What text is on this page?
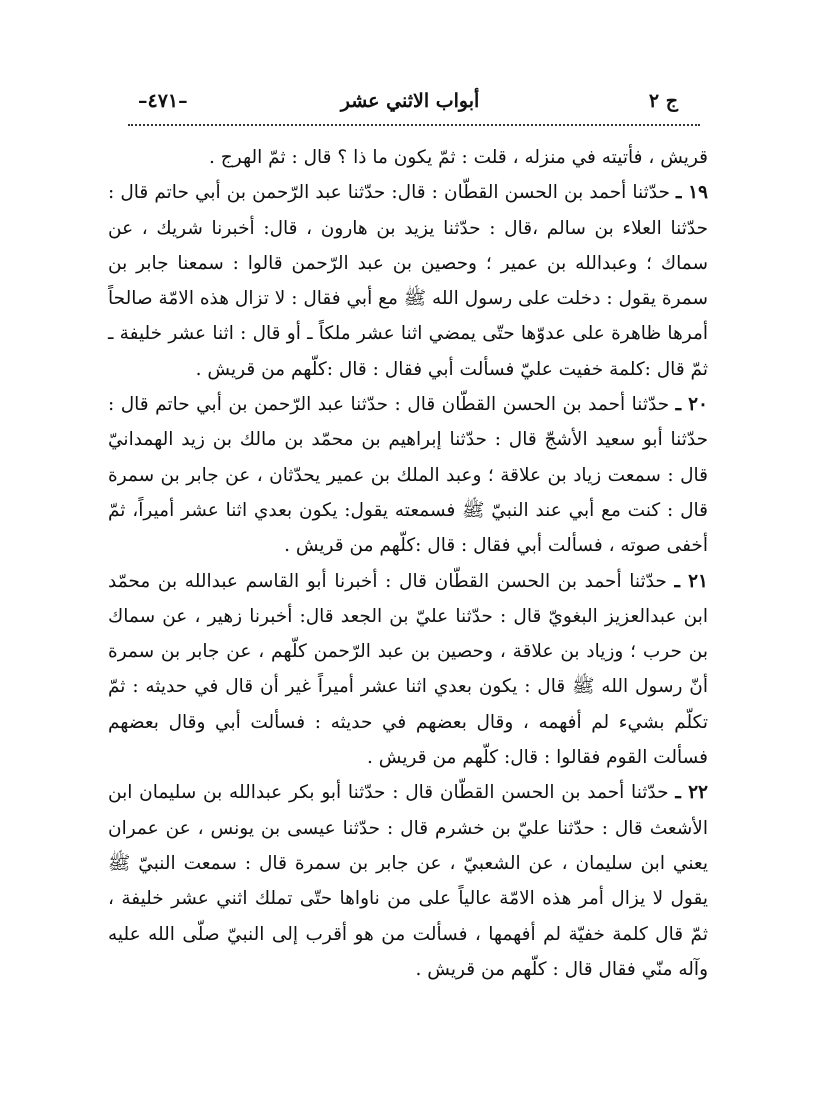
ج ٢
أبواب الاثني عشر
–٤٧١–

قريش ، فأتيته في منزله ، قلت : ثمّ يكون ما ذا ؟ قال : ثمّ الهرج .

١٩ ـ حدّثنا أحمد بن الحسن القطّان : قال: حدّثنا عبد الرّحمن بن أبي حاتم قال : حدّثنا العلاء بن سالم ،قال : حدّثنا يزيد بن هارون ، قال: أخبرنا شريك ، عن سماك ؛ وعبدالله بن عمير ؛ وحصين بن عبد الرّحمن قالوا : سمعنا جابر بن سمرة يقول : دخلت على رسول الله ﷺ مع أبي فقال : لا تزال هذه الامّة صالحاً أمرها ظاهرة على عدوّها حتّى يمضي اثنا عشر ملكاً ـ أو قال : اثنا عشر خليفة ـ ثمّ قال :كلمة خفيت عليّ فسألت أبي فقال : قال :كلّهم من قريش .

٢٠ ـ حدّثنا أحمد بن الحسن القطّان قال : حدّثنا عبد الرّحمن بن أبي حاتم قال : حدّثنا أبو سعيد الأشجّ قال : حدّثنا إبراهيم بن محمّد بن مالك بن زيد الهمدانيّ قال : سمعت زياد بن علاقة ؛ وعبد الملك بن عمير يحدّثان ، عن جابر بن سمرة قال : كنت مع أبي عند النبيّ ﷺ فسمعته يقول: يكون بعدي اثنا عشر أميراً، ثمّ أخفى صوته ، فسألت أبي فقال : قال :كلّهم من قريش .

٢١ ـ حدّثنا أحمد بن الحسن القطّان قال : أخبرنا أبو القاسم عبدالله بن محمّد ابن عبدالعزيز البغويّ قال : حدّثنا عليّ بن الجعد قال: أخبرنا زهير ، عن سماك بن حرب ؛ وزياد بن علاقة ، وحصين بن عبد الرّحمن كلّهم ، عن جابر بن سمرة أنّ رسول الله ﷺ قال : يكون بعدي اثنا عشر أميراً غير أن قال في حديثه : ثمّ تكلّم بشيء لم أفهمه ، وقال بعضهم في حديثه : فسألت أبي وقال بعضهم فسألت القوم فقالوا : قال: كلّهم من قريش .

٢٢ ـ حدّثنا أحمد بن الحسن القطّان قال : حدّثنا أبو بكر عبدالله بن سليمان ابن الأشعث قال : حدّثنا عليّ بن خشرم قال : حدّثنا عيسى بن يونس ، عن عمران يعني ابن سليمان ، عن الشعبيّ ، عن جابر بن سمرة قال : سمعت النبيّ ﷺ يقول لا يزال أمر هذه الامّة عالياً على من ناواها حتّى تملك اثني عشر خليفة ، ثمّ قال كلمة خفيّة لم أفهمها ، فسألت من هو أقرب إلى النبيّ صلّى الله عليه وآله منّي فقال قال : كلّهم من قريش .
